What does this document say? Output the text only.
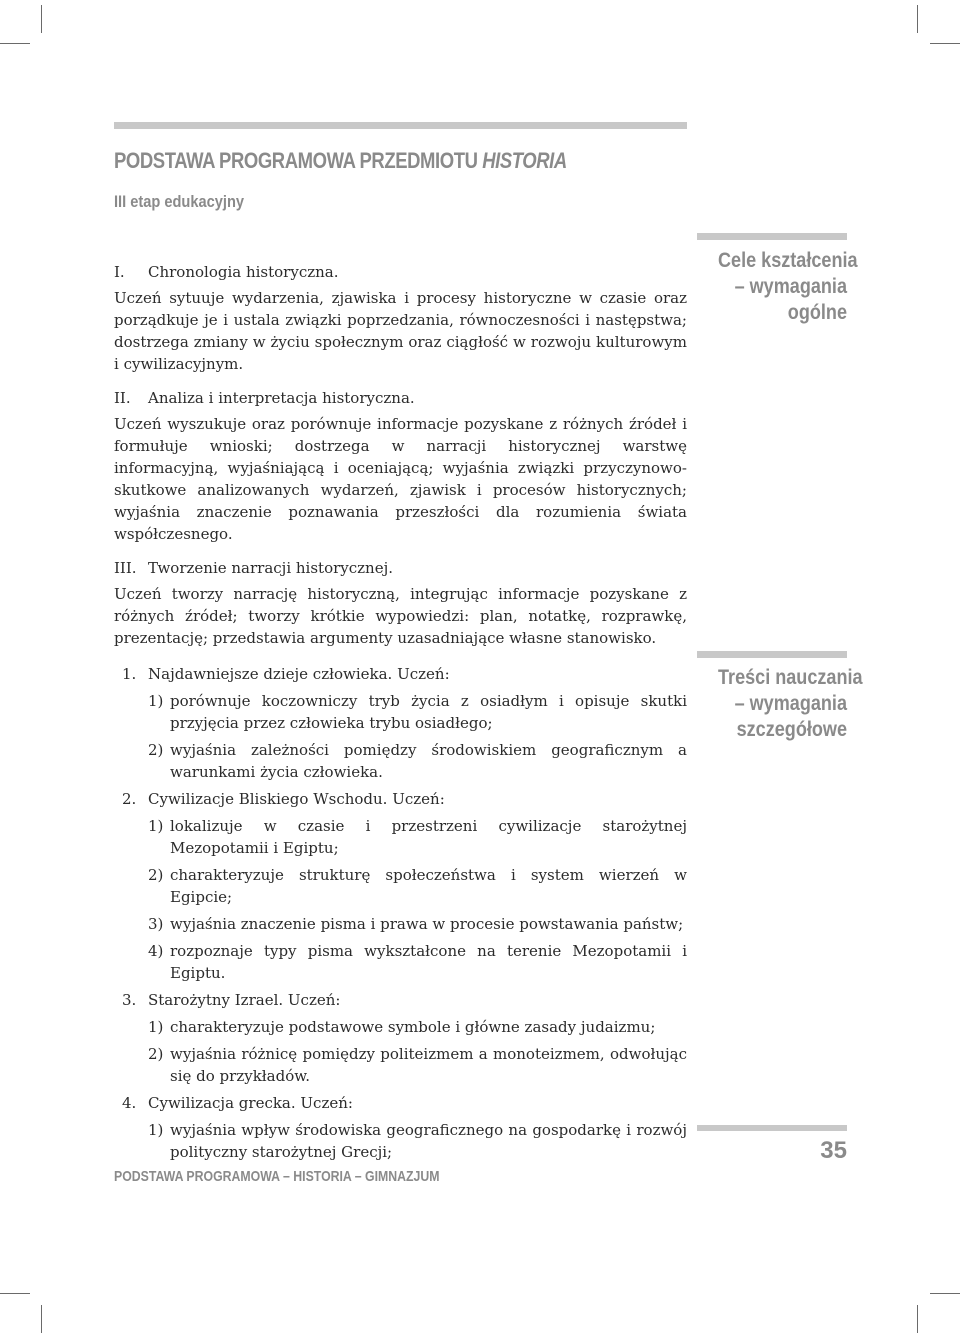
PODSTAWA PROGRAMOWA PRZEDMIOTU HISTORIA
III etap edukacyjny
Cele kształcenia
– wymagania
ogólne
I. Chronologia historyczna.
Uczeń sytuuje wydarzenia, zjawiska i procesy historyczne w czasie oraz porządkuje je i ustala związki poprzedzania, równoczesności i następstwa; dostrzega zmiany w życiu społecznym oraz ciągłość w rozwoju kulturowym i cywilizacyjnym.
II. Analiza i interpretacja historyczna.
Uczeń wyszukuje oraz porównuje informacje pozyskane z różnych źródeł i formułuje wnioski; dostrzega w narracji historycznej warstwę informacyjną, wyjaśniającą i oceniającą; wyjaśnia związki przyczynowo-skutkowe analizowanych wydarzeń, zjawisk i procesów historycznych; wyjaśnia znaczenie poznawania przeszłości dla rozumienia świata współczesnego.
III. Tworzenie narracji historycznej.
Uczeń tworzy narrację historyczną, integrując informacje pozyskane z różnych źródeł; tworzy krótkie wypowiedzi: plan, notatkę, rozprawkę, prezentację; przedstawia argumenty uzasadniające własne stanowisko.
Treści nauczania
– wymagania
szczegółowe
1. Najdawniejsze dzieje człowieka. Uczeń:
1) porównuje koczowniczy tryb życia z osiadłym i opisuje skutki przyjęcia przez człowieka trybu osiadłego;
2) wyjaśnia zależności pomiędzy środowiskiem geograficznym a warunkami życia człowieka.
2. Cywilizacje Bliskiego Wschodu. Uczeń:
1) lokalizuje w czasie i przestrzeni cywilizacje starożytnej Mezopotamii i Egiptu;
2) charakteryzuje strukturę społeczeństwa i system wierzeń w Egipcie;
3) wyjaśnia znaczenie pisma i prawa w procesie powstawania państw;
4) rozpoznaje typy pisma wykształcone na terenie Mezopotamii i Egiptu.
3. Starożytny Izrael. Uczeń:
1) charakteryzuje podstawowe symbole i główne zasady judaizmu;
2) wyjaśnia różnicę pomiędzy politeizmem a monoteizmem, odwołując się do przykładów.
4. Cywilizacja grecka. Uczeń:
1) wyjaśnia wpływ środowiska geograficznego na gospodarkę i rozwój polityczny starożytnej Grecji;	35
PODSTAWA PROGRAMOWA – HISTORIA – GIMNAZJUM
